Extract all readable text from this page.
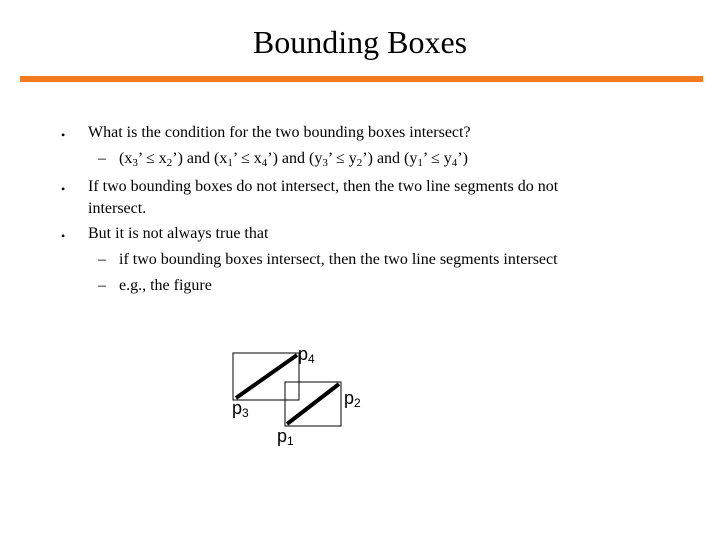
Bounding Boxes
• What is the condition for the two bounding boxes intersect?
– ($x_3$’ ≤ $x_2$’) and ($x_1$’ ≤ $x_4$’) and ($y_3$’ ≤ $y_2$’) and ($y_1$’ ≤ $y_4$’)
• If two bounding boxes do not intersect, then the two line segments do not
intersect.
• But it is not always true that
– if two bounding boxes intersect, then the two line segments intersect
– e.g., the figure
p4
p2
p3
p1
